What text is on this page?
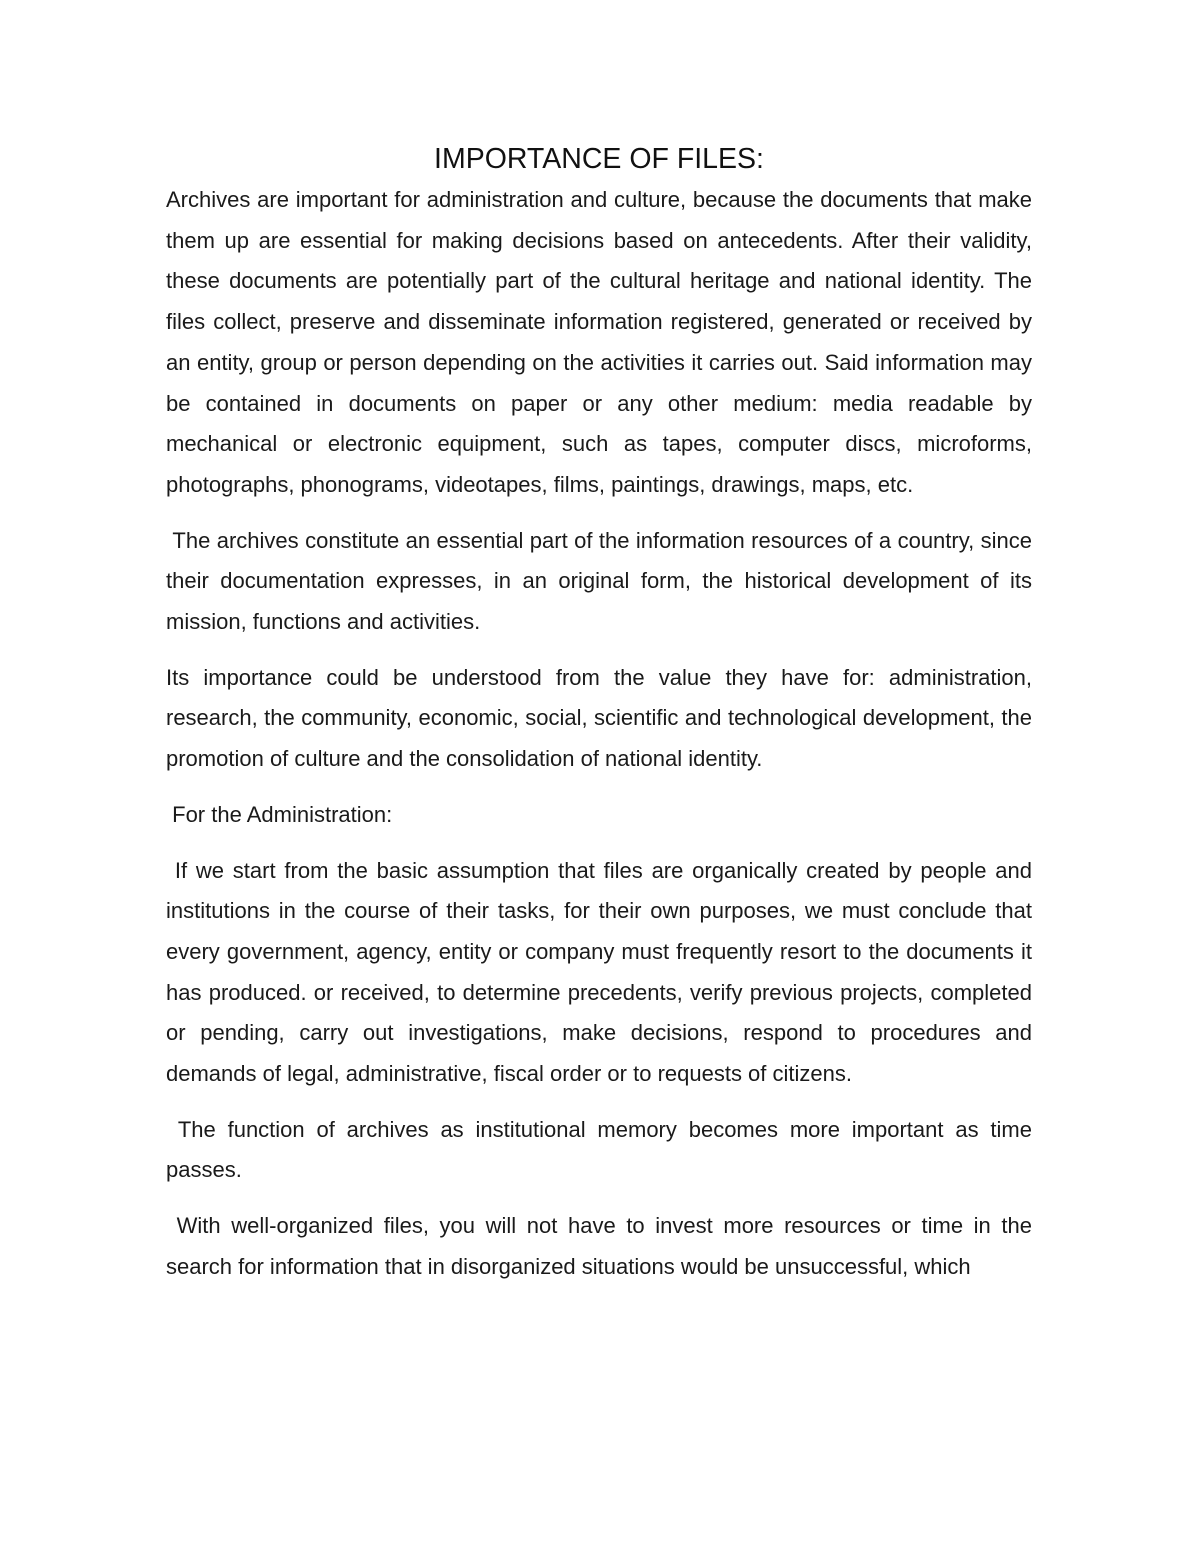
IMPORTANCE OF FILES:

Archives are important for administration and culture, because the documents that make them up are essential for making decisions based on antecedents. After their validity, these documents are potentially part of the cultural heritage and national identity. The files collect, preserve and disseminate information registered, generated or received by an entity, group or person depending on the activities it carries out. Said information may be contained in documents on paper or any other medium: media readable by mechanical or electronic equipment, such as tapes, computer discs, microforms, photographs, phonograms, videotapes, films, paintings, drawings, maps, etc.

The archives constitute an essential part of the information resources of a country, since their documentation expresses, in an original form, the historical development of its mission, functions and activities.

Its importance could be understood from the value they have for: administration, research, the community, economic, social, scientific and technological development, the promotion of culture and the consolidation of national identity.

For the Administration:

If we start from the basic assumption that files are organically created by people and institutions in the course of their tasks, for their own purposes, we must conclude that every government, agency, entity or company must frequently resort to the documents it has produced. or received, to determine precedents, verify previous projects, completed or pending, carry out investigations, make decisions, respond to procedures and demands of legal, administrative, fiscal order or to requests of citizens.

The function of archives as institutional memory becomes more important as time passes.

With well-organized files, you will not have to invest more resources or time in the search for information that in disorganized situations would be unsuccessful, which
